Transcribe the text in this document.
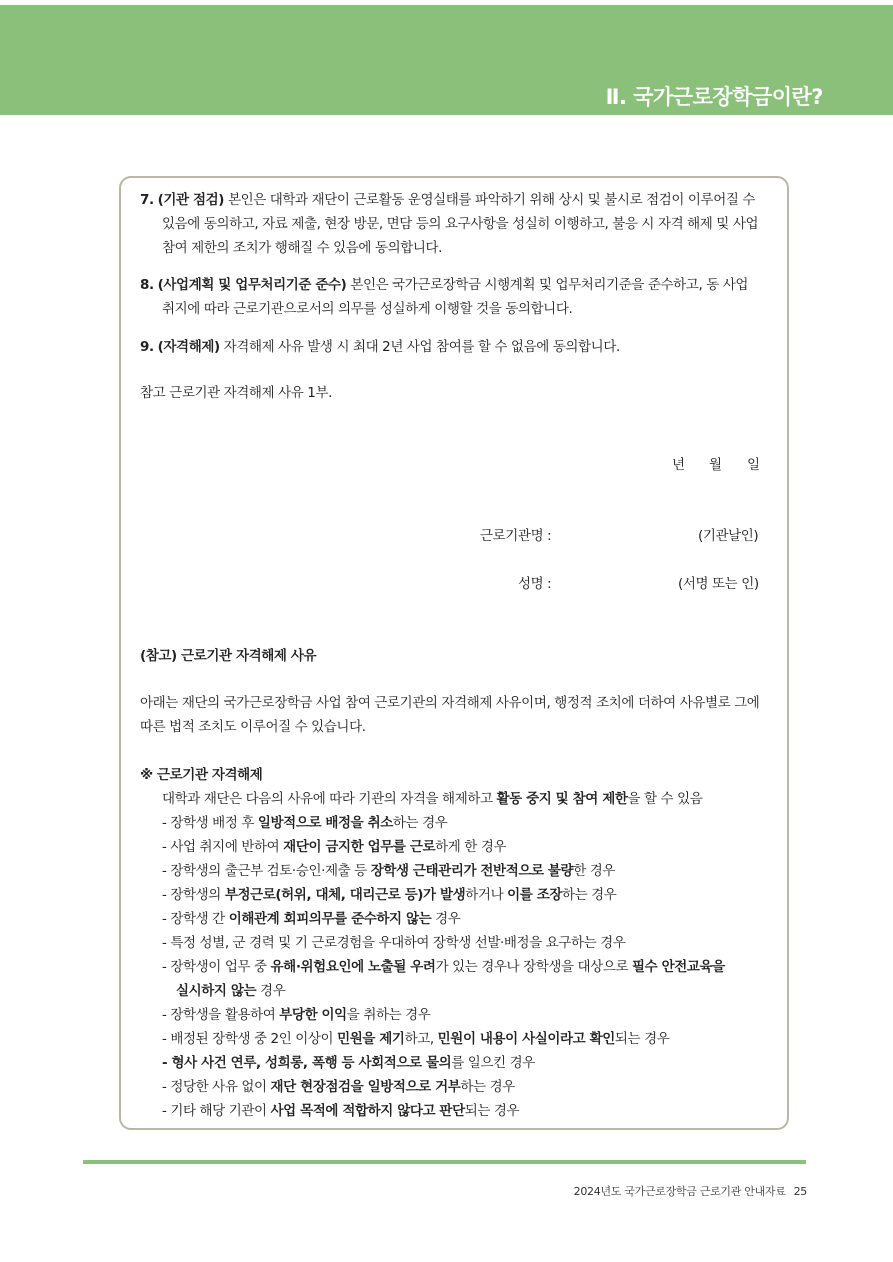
Ⅱ. 국가근로장학금이란?
7. (기관 점검) 본인은 대학과 재단이 근로활동 운영실태를 파악하기 위해 상시 및 불시로 점검이 이루어질 수
있음에 동의하고, 자료 제출, 현장 방문, 면담 등의 요구사항을 성실히 이행하고, 불응 시 자격 해제 및 사업
참여 제한의 조치가 행해질 수 있음에 동의합니다.
8. (사업계획 및 업무처리기준 준수) 본인은 국가근로장학금 시행계획 및 업무처리기준을 준수하고, 동 사업
취지에 따라 근로기관으로서의 의무를 성실하게 이행할 것을 동의합니다.
9. (자격해제) 자격해제 사유 발생 시 최대 2년 사업 참여를 할 수 없음에 동의합니다.
참고 근로기관 자격해제 사유 1부.
년 월 일
근로기관명 :	(기관날인)
성명 :	(서명 또는 인)
(참고) 근로기관 자격해제 사유
아래는 재단의 국가근로장학금 사업 참여 근로기관의 자격해제 사유이며, 행정적 조치에 더하여 사유별로 그에
따른 법적 조치도 이루어질 수 있습니다.
※ 근로기관 자격해제
대학과 재단은 다음의 사유에 따라 기관의 자격을 해제하고 활동 중지 및 참여 제한을 할 수 있음
- 장학생 배정 후 일방적으로 배정을 취소하는 경우
- 사업 취지에 반하여 재단이 금지한 업무를 근로하게 한 경우
- 장학생의 출근부 검토·승인·제출 등 장학생 근태관리가 전반적으로 불량한 경우
- 장학생의 부정근로(허위, 대체, 대리근로 등)가 발생하거나 이를 조장하는 경우
- 장학생 간 이해관계 회피의무를 준수하지 않는 경우
- 특정 성별, 군 경력 및 기 근로경험을 우대하여 장학생 선발·배정을 요구하는 경우
- 장학생이 업무 중 유해·위험요인에 노출될 우려가 있는 경우나 장학생을 대상으로 필수 안전교육을
실시하지 않는 경우
- 장학생을 활용하여 부당한 이익을 취하는 경우
- 배정된 장학생 중 2인 이상이 민원을 제기하고, 민원이 내용이 사실이라고 확인되는 경우
- 형사 사건 연루, 성희롱, 폭행 등 사회적으로 물의를 일으킨 경우
- 정당한 사유 없이 재단 현장점검을 일방적으로 거부하는 경우
- 기타 해당 기관이 사업 목적에 적합하지 않다고 판단되는 경우
2024년도 국가근로장학금 근로기관 안내자료 25
